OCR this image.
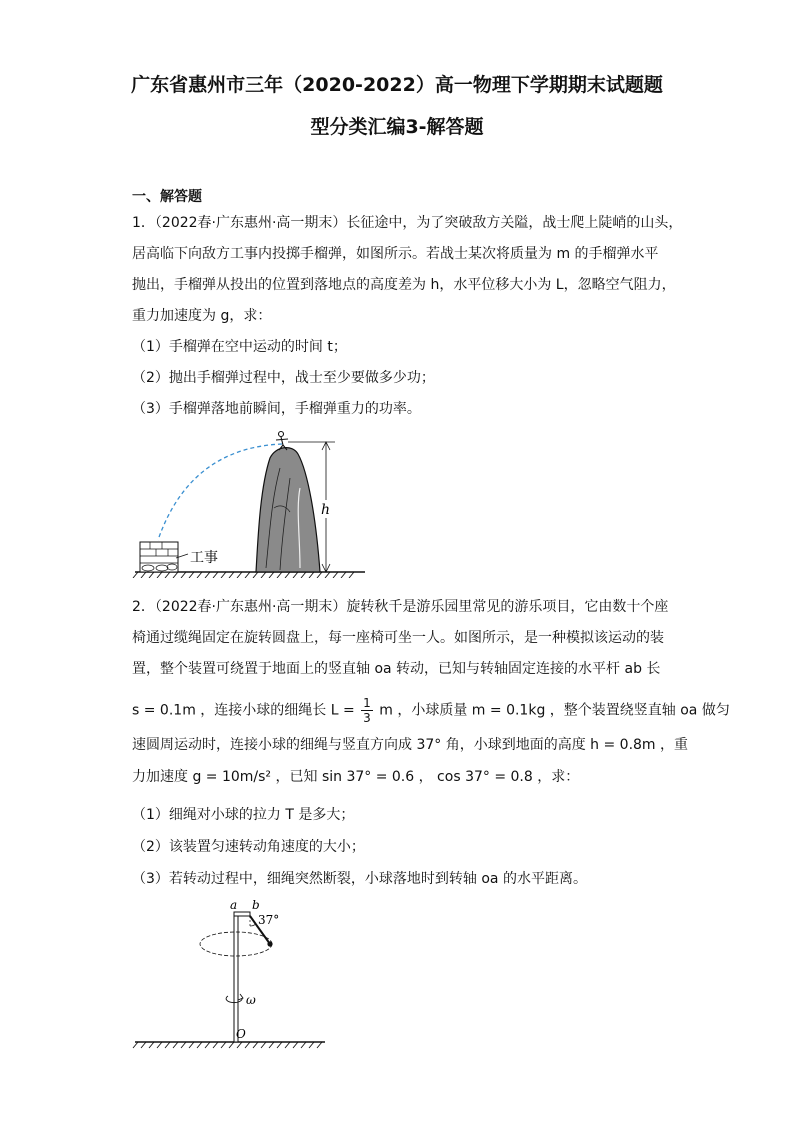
广东省惠州市三年（2020-2022）高一物理下学期期末试题题
型分类汇编3-解答题
一、解答题
1．（2022春·广东惠州·高一期末）长征途中，为了突破敌方关隘，战士爬上陡峭的山头，
居高临下向敌方工事内投掷手榴弹，如图所示。若战士某次将质量为 m 的手榴弹水平
抛出，手榴弹从投出的位置到落地点的高度差为 h，水平位移大小为 L，忽略空气阻力，
重力加速度为 g，求：
（1）手榴弹在空中运动的时间 t；
（2）抛出手榴弹过程中，战士至少要做多少功；
（3）手榴弹落地前瞬间，手榴弹重力的功率。
工事
h
2．（2022春·广东惠州·高一期末）旋转秋千是游乐园里常见的游乐项目，它由数十个座
椅通过缆绳固定在旋转圆盘上，每一座椅可坐一人。如图所示，是一种模拟该运动的装
置，整个装置可绕置于地面上的竖直轴 oa 转动，已知与转轴固定连接的水平杆 ab 长
s = 0.1m ，连接小球的细绳长 $L = \frac{1}{3}$ m ，小球质量 m = 0.1kg ，整个装置绕竖直轴 oa 做匀
速圆周运动时，连接小球的细绳与竖直方向成 37° 角，小球到地面的高度 h = 0.8m ，重
力加速度 g = 10m/s² ，已知 sin 37° = 0.6 ， cos 37° = 0.8 ，求：
（1）细绳对小球的拉力 T 是多大；
（2）该装置匀速转动角速度的大小；
（3）若转动过程中，细绳突然断裂，小球落地时到转轴 oa 的水平距离。
a b
37°
ω
O
